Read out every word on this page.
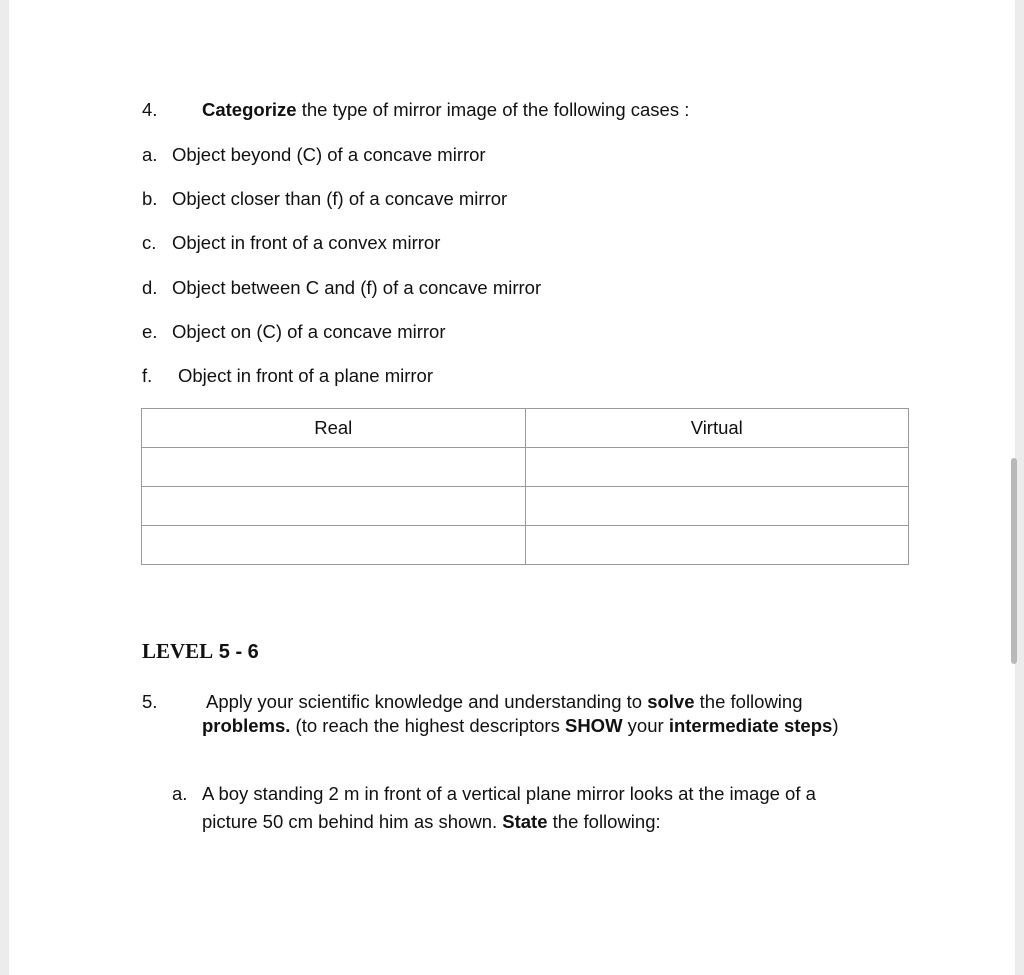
4. Categorize the type of mirror image of the following cases :
a. Object beyond (C) of a concave mirror
b. Object closer than (f) of a concave mirror
c. Object in front of a convex mirror
d. Object between C and (f) of a concave mirror
e. Object on (C) of a concave mirror
f. Object in front of a plane mirror
Real	Virtual

LEVEL 5 - 6
5.	Apply your scientific knowledge and understanding to solve the following
problems. (to reach the highest descriptors SHOW your intermediate steps)
a. A boy standing 2 m in front of a vertical plane mirror looks at the image of a
picture 50 cm behind him as shown. State the following:
